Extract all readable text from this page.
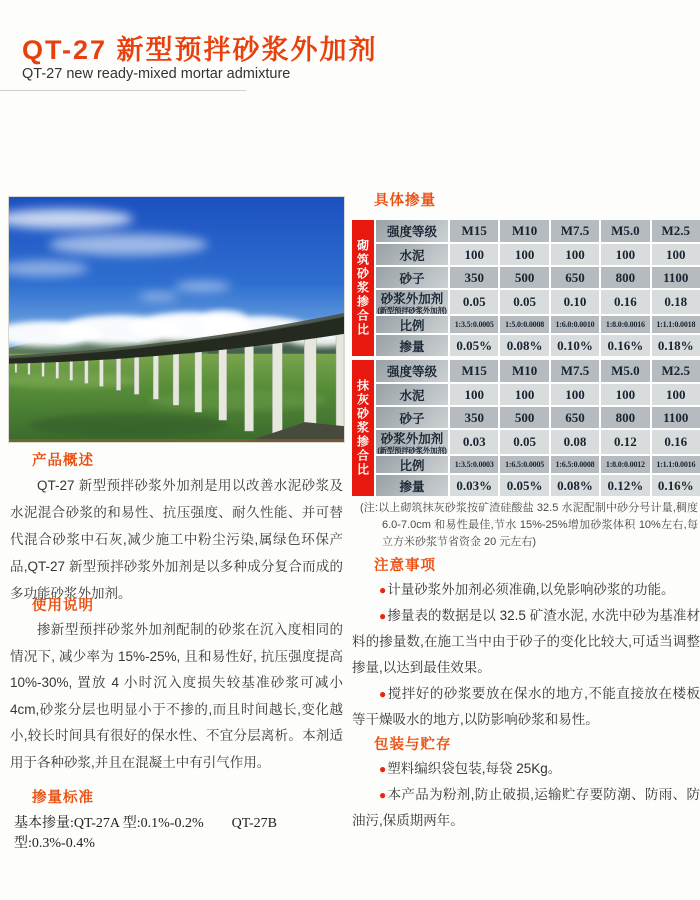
QT-27 新型预拌砂浆外加剂
QT-27 new ready-mixed mortar admixture
产品概述

QT-27 新型预拌砂浆外加剂是用以改善水泥砂浆及水泥混合砂浆的和易性、抗压强度、耐久性能、并可替代混合砂浆中石灰,减少施工中粉尘污染,属绿色环保产品,QT-27 新型预拌砂浆外加剂是以多种成分复合而成的多功能砂浆外加剂。

使用说明

掺新型预拌砂浆外加剂配制的砂浆在沉入度相同的情况下, 减少率为 15%-25%, 且和易性好, 抗压强度提高 10%-30%, 置放 4 小时沉入度损失较基准砂浆可减小 4cm,砂浆分层也明显小于不掺的,而且时间越长,变化越小,较长时间具有很好的保水性、不宜分层离析。本剂适用于各种砂浆,并且在混凝土中有引气作用。

掺量标准
基本掺量:QT-27A 型:0.1%-0.2%　　QT-27B 型:0.3%-0.4%
具体掺量
砌筑砂浆掺合比
强度等级	M15	M10	M7.5	M5.0	M2.5
水泥	100	100	100	100	100
砂子	350	500	650	800	1100
砂浆外加剂
(新型预拌砂浆外加剂)
0.05	0.05	0.10	0.16	0.18
比例	1:3.5:0.0005	1:5.0:0.0008	1:6.0:0.0010	1:8.0:0.0016	1:1.1:0.0018
掺量	0.05%	0.08%	0.10%	0.16%	0.18%
抹灰砂浆掺合比
强度等级	M15	M10	M7.5	M5.0	M2.5
水泥	100	100	100	100	100
砂子	350	500	650	800	1100
砂浆外加剂
(新型预拌砂浆外加剂)
0.03	0.05	0.08	0.12	0.16
比例	1:3.5:0.0003	1:6.5:0.0005	1:6.5:0.0008	1:8.0:0.0012	1:1.1:0.0016
掺量	0.03%	0.05%	0.08%	0.12%	0.16%

(注:以上砌筑抹灰砂浆按矿渣硅酸盐 32.5 水泥配制中砂分号计量,稠度 6.0-7.0cm 和易性最佳,节水 15%-25%增加砂浆体积 10%左右,每立方米砂浆节省资金 20 元左右)

注意事项

●计量砂浆外加剂必须准确,以免影响砂浆的功能。

●掺量表的数据是以 32.5 矿渣水泥, 水洗中砂为基准材料的掺量数,在施工当中由于砂子的变化比较大,可适当调整掺量,以达到最佳效果。

●搅拌好的砂浆要放在保水的地方,不能直接放在楼板等干燥吸水的地方,以防影响砂浆和易性。

包装与贮存

●塑料编织袋包装,每袋 25Kg。

●本产品为粉剂,防止破损,运输贮存要防潮、防雨、防油污,保质期两年。
